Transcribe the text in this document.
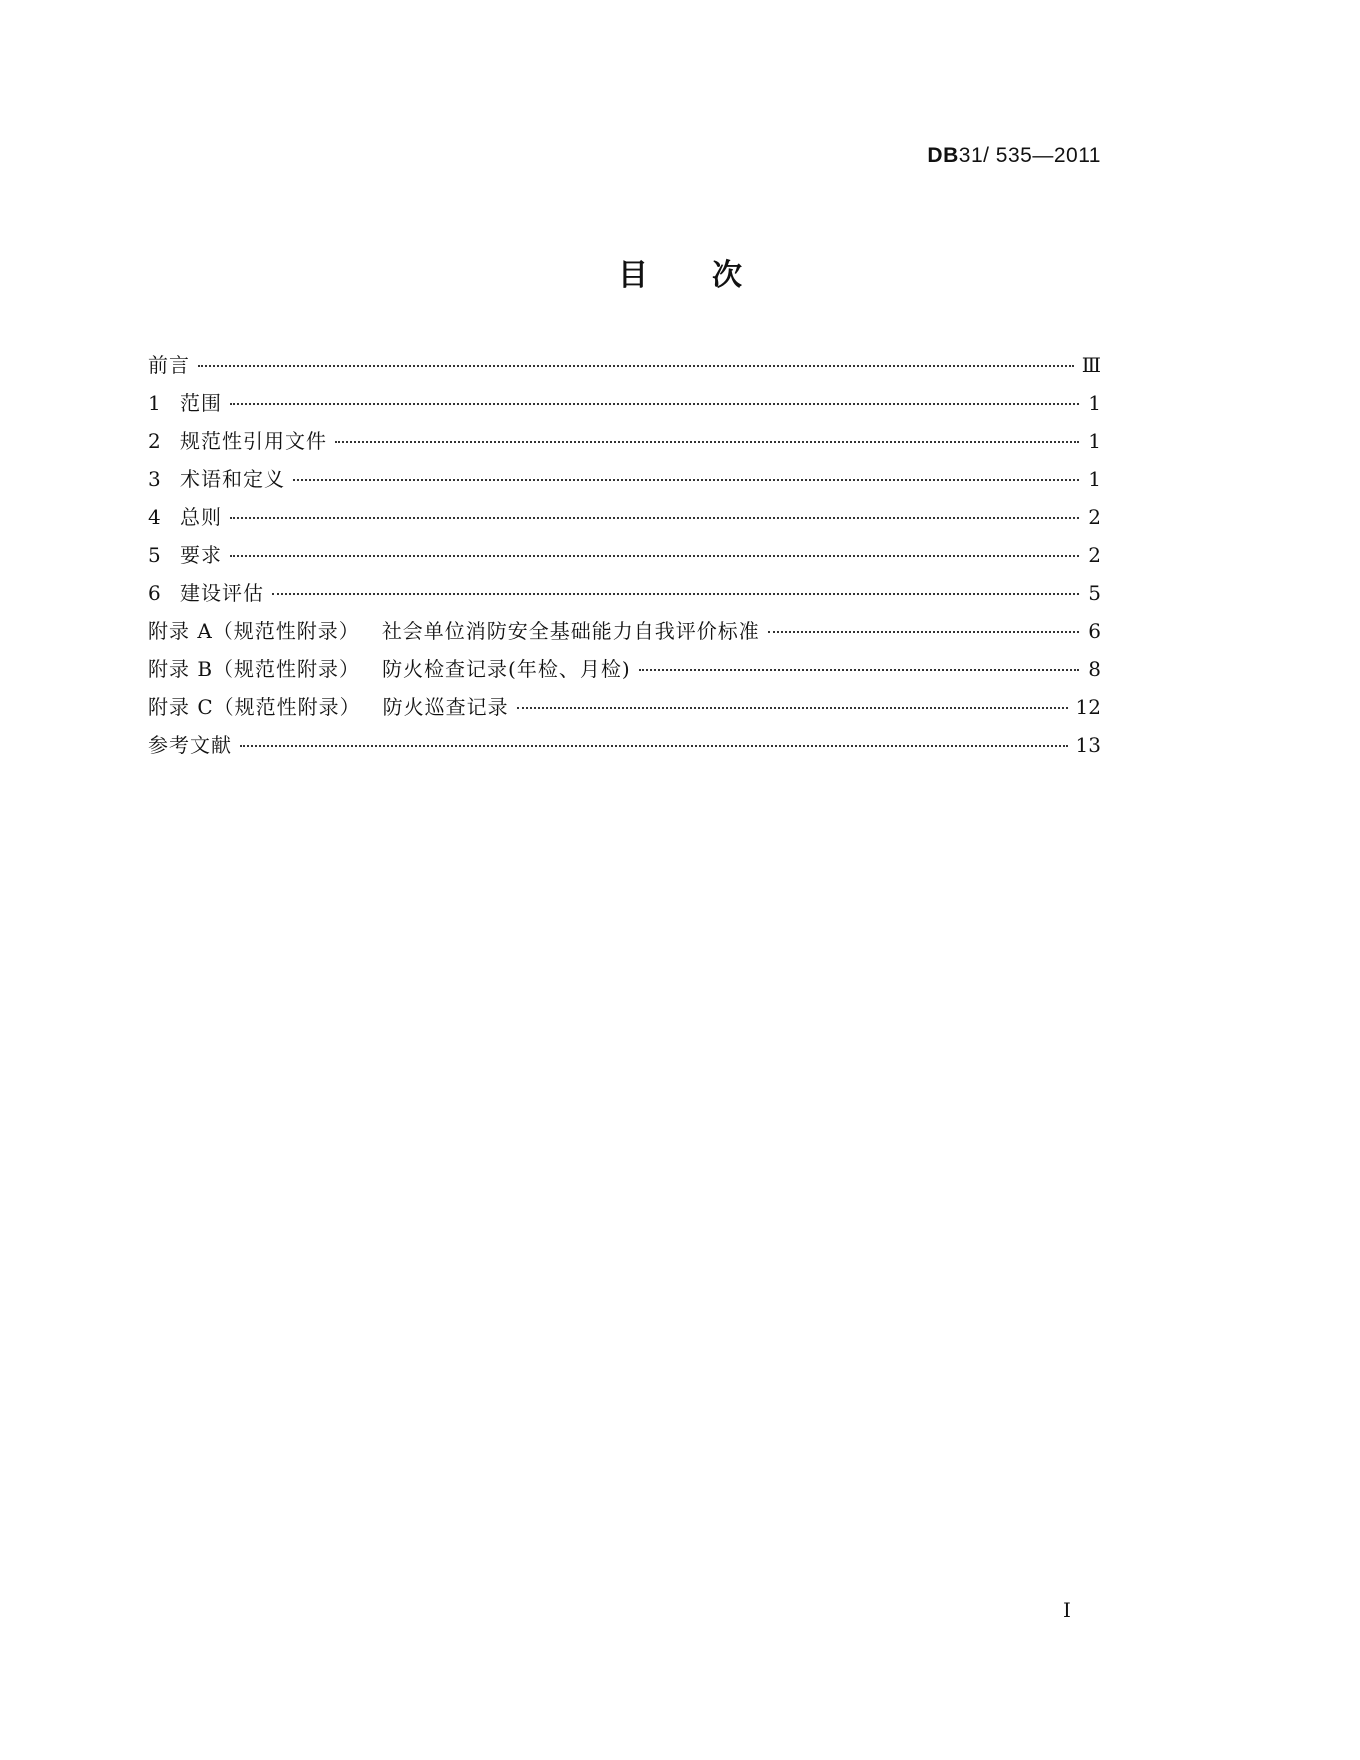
DB31/ 535—2011
目次
前言	Ⅲ
1 范围	1
2 规范性引用文件	1
3 术语和定义	1
4 总则	2
5 要求	2
6 建设评估	5
附录 A（规范性附录） 社会单位消防安全基础能力自我评价标准	6
附录 B（规范性附录） 防火检查记录(年检、月检)	8
附录 C（规范性附录） 防火巡查记录	12
参考文献	13
I
